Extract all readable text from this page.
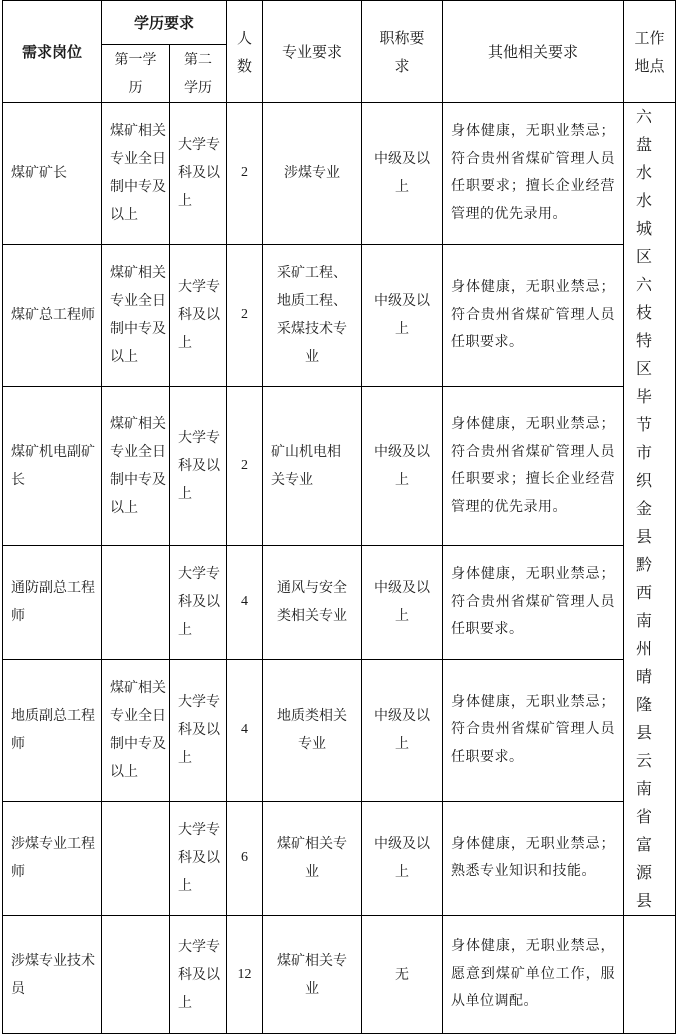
需求岗位	学历要求		人数	专业要求	职称要求	其他相关要求	工作地点

	第一学历	第二学历					

煤矿矿长	煤矿相关专业全日制中专及以上	大学专科及以上	2	涉煤专业	中级及以上	身体健康，无职业禁忌；符合贵州省煤矿管理人员任职要求；擅长企业经营管理的优先录用。	六盘水水城区六枝特区毕节市织金县黔西南州晴隆县云南省富源县
煤矿总工程师	煤矿相关专业全日制中专及以上	大学专科及以上	2	采矿工程、地质工程、采煤技术专业	中级及以上	身体健康，无职业禁忌；符合贵州省煤矿管理人员任职要求。	
煤矿机电副矿长	煤矿相关专业全日制中专及以上	大学专科及以上	2	矿山机电相关专业	中级及以上	身体健康，无职业禁忌；符合贵州省煤矿管理人员任职要求；擅长企业经营管理的优先录用。	
通防副总工程师		大学专科及以上	4	通风与安全类相关专业	中级及以上	身体健康，无职业禁忌；符合贵州省煤矿管理人员任职要求。	
地质副总工程师	煤矿相关专业全日制中专及以上	大学专科及以上	4	地质类相关专业	中级及以上	身体健康，无职业禁忌；符合贵州省煤矿管理人员任职要求。	
涉煤专业工程师		大学专科及以上	6	煤矿相关专业	中级及以上	身体健康，无职业禁忌；熟悉专业知识和技能。	
涉煤专业技术员		大学专科及以上	12	煤矿相关专业	无	身体健康，无职业禁忌，愿意到煤矿单位工作，服从单位调配。	
